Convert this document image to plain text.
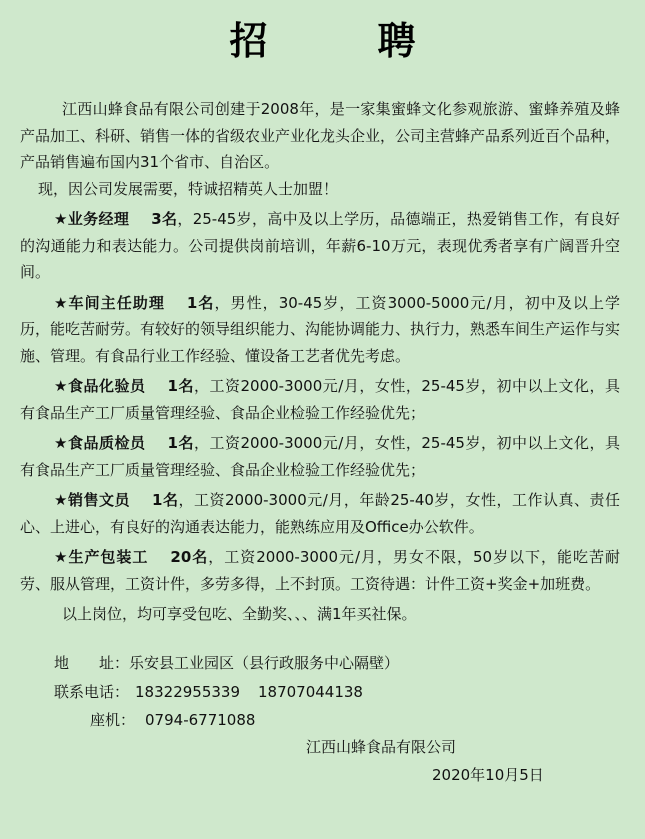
招　聘

江西山蜂食品有限公司创建于2008年，是一家集蜜蜂文化参观旅游、蜜蜂养殖及蜂产品加工、科研、销售一体的省级农业产业化龙头企业，公司主营蜂产品系列近百个品种，产品销售遍布国内31个省市、自治区。

现，因公司发展需要，特诚招精英人士加盟！

★业务经理 3名，25-45岁，高中及以上学历，品德端正，热爱销售工作，有良好的沟通能力和表达能力。公司提供岗前培训，年薪6-10万元，表现优秀者享有广阔晋升空间。

★车间主任助理 1名，男性，30-45岁，工资3000-5000元/月，初中及以上学历，能吃苦耐劳。有较好的领导组织能力、沟能协调能力、执行力，熟悉车间生产运作与实施、管理。有食品行业工作经验、懂设备工艺者优先考虑。

★食品化验员 1名，工资2000-3000元/月，女性，25-45岁，初中以上文化，具有食品生产工厂质量管理经验、食品企业检验工作经验优先；

★食品质检员 1名，工资2000-3000元/月，女性，25-45岁，初中以上文化，具有食品生产工厂质量管理经验、食品企业检验工作经验优先；

★销售文员 1名，工资2000-3000元/月，年龄25-40岁，女性，工作认真、责任心、上进心，有良好的沟通表达能力，能熟练应用及Office办公软件。

★生产包装工 20名，工资2000-3000元/月，男女不限，50岁以下，能吃苦耐劳、服从管理，工资计件，多劳多得，上不封顶。工资待遇：计件工资+奖金+加班费。

以上岗位，均可享受包吃、全勤奖、、、满1年买社保。

地　　址：乐安县工业园区（县行政服务中心隔壁）
联系电话： 18322955339 18707044138
座机： 0794-6771088
江西山蜂食品有限公司
2020年10月5日
